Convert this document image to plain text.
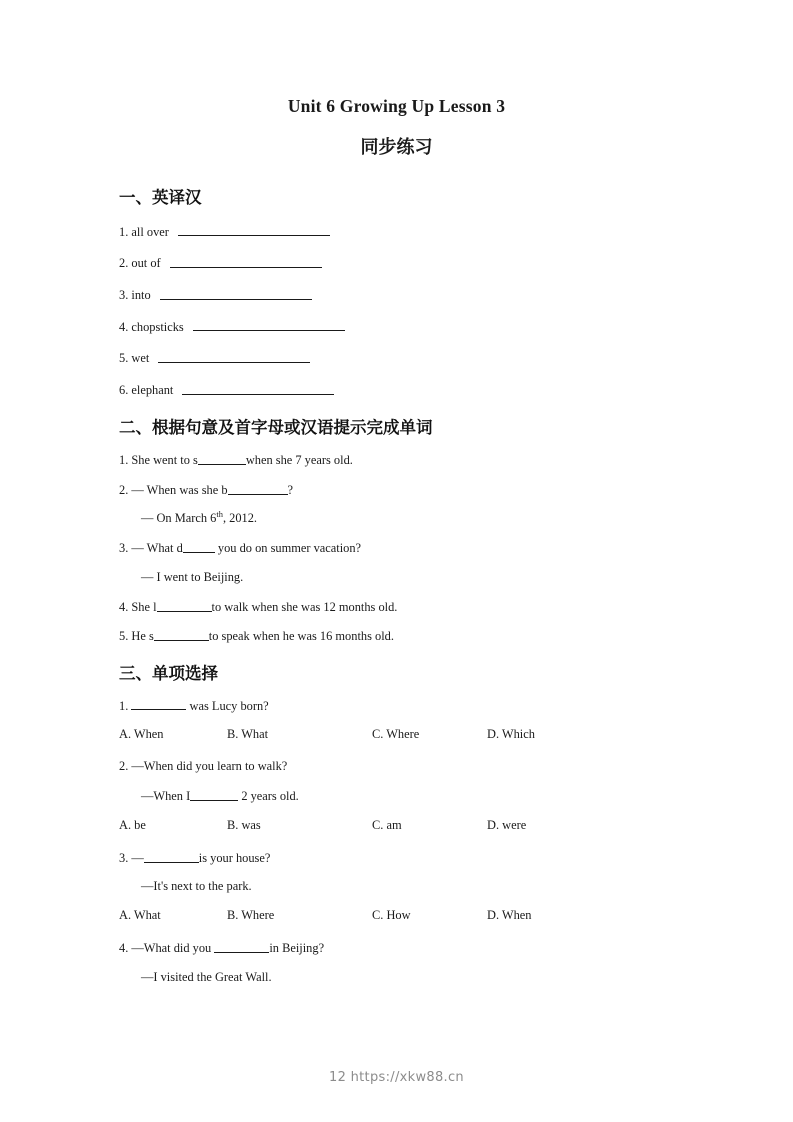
Unit 6 Growing Up Lesson 3
同步练习
一、英译汉
1. all over
2. out of
3. into
4. chopsticks
5. wet
6. elephant
二、根据句意及首字母或汉语提示完成单词
1. She went to s	when she 7 years old.
2. — When was she b	?
— On March 6th, 2012.
3. — What d	you do on summer vacation?
— I went to Beijing.
4. She l	to walk when she was 12 months old.
5. He s	to speak when he was 16 months old.
三、单项选择
1.	was Lucy born?
A. When	B. What	C. Where	D. Which
2. —When did you learn to walk?
—When I	2 years old.
A. be	B. was	C. am	D. were
3. —	is your house?
—It's next to the park.
A. What	B. Where	C. How	D. When
4. —What did you	in Beijing?
—I visited the Great Wall.
12 https://xkw88.cn
